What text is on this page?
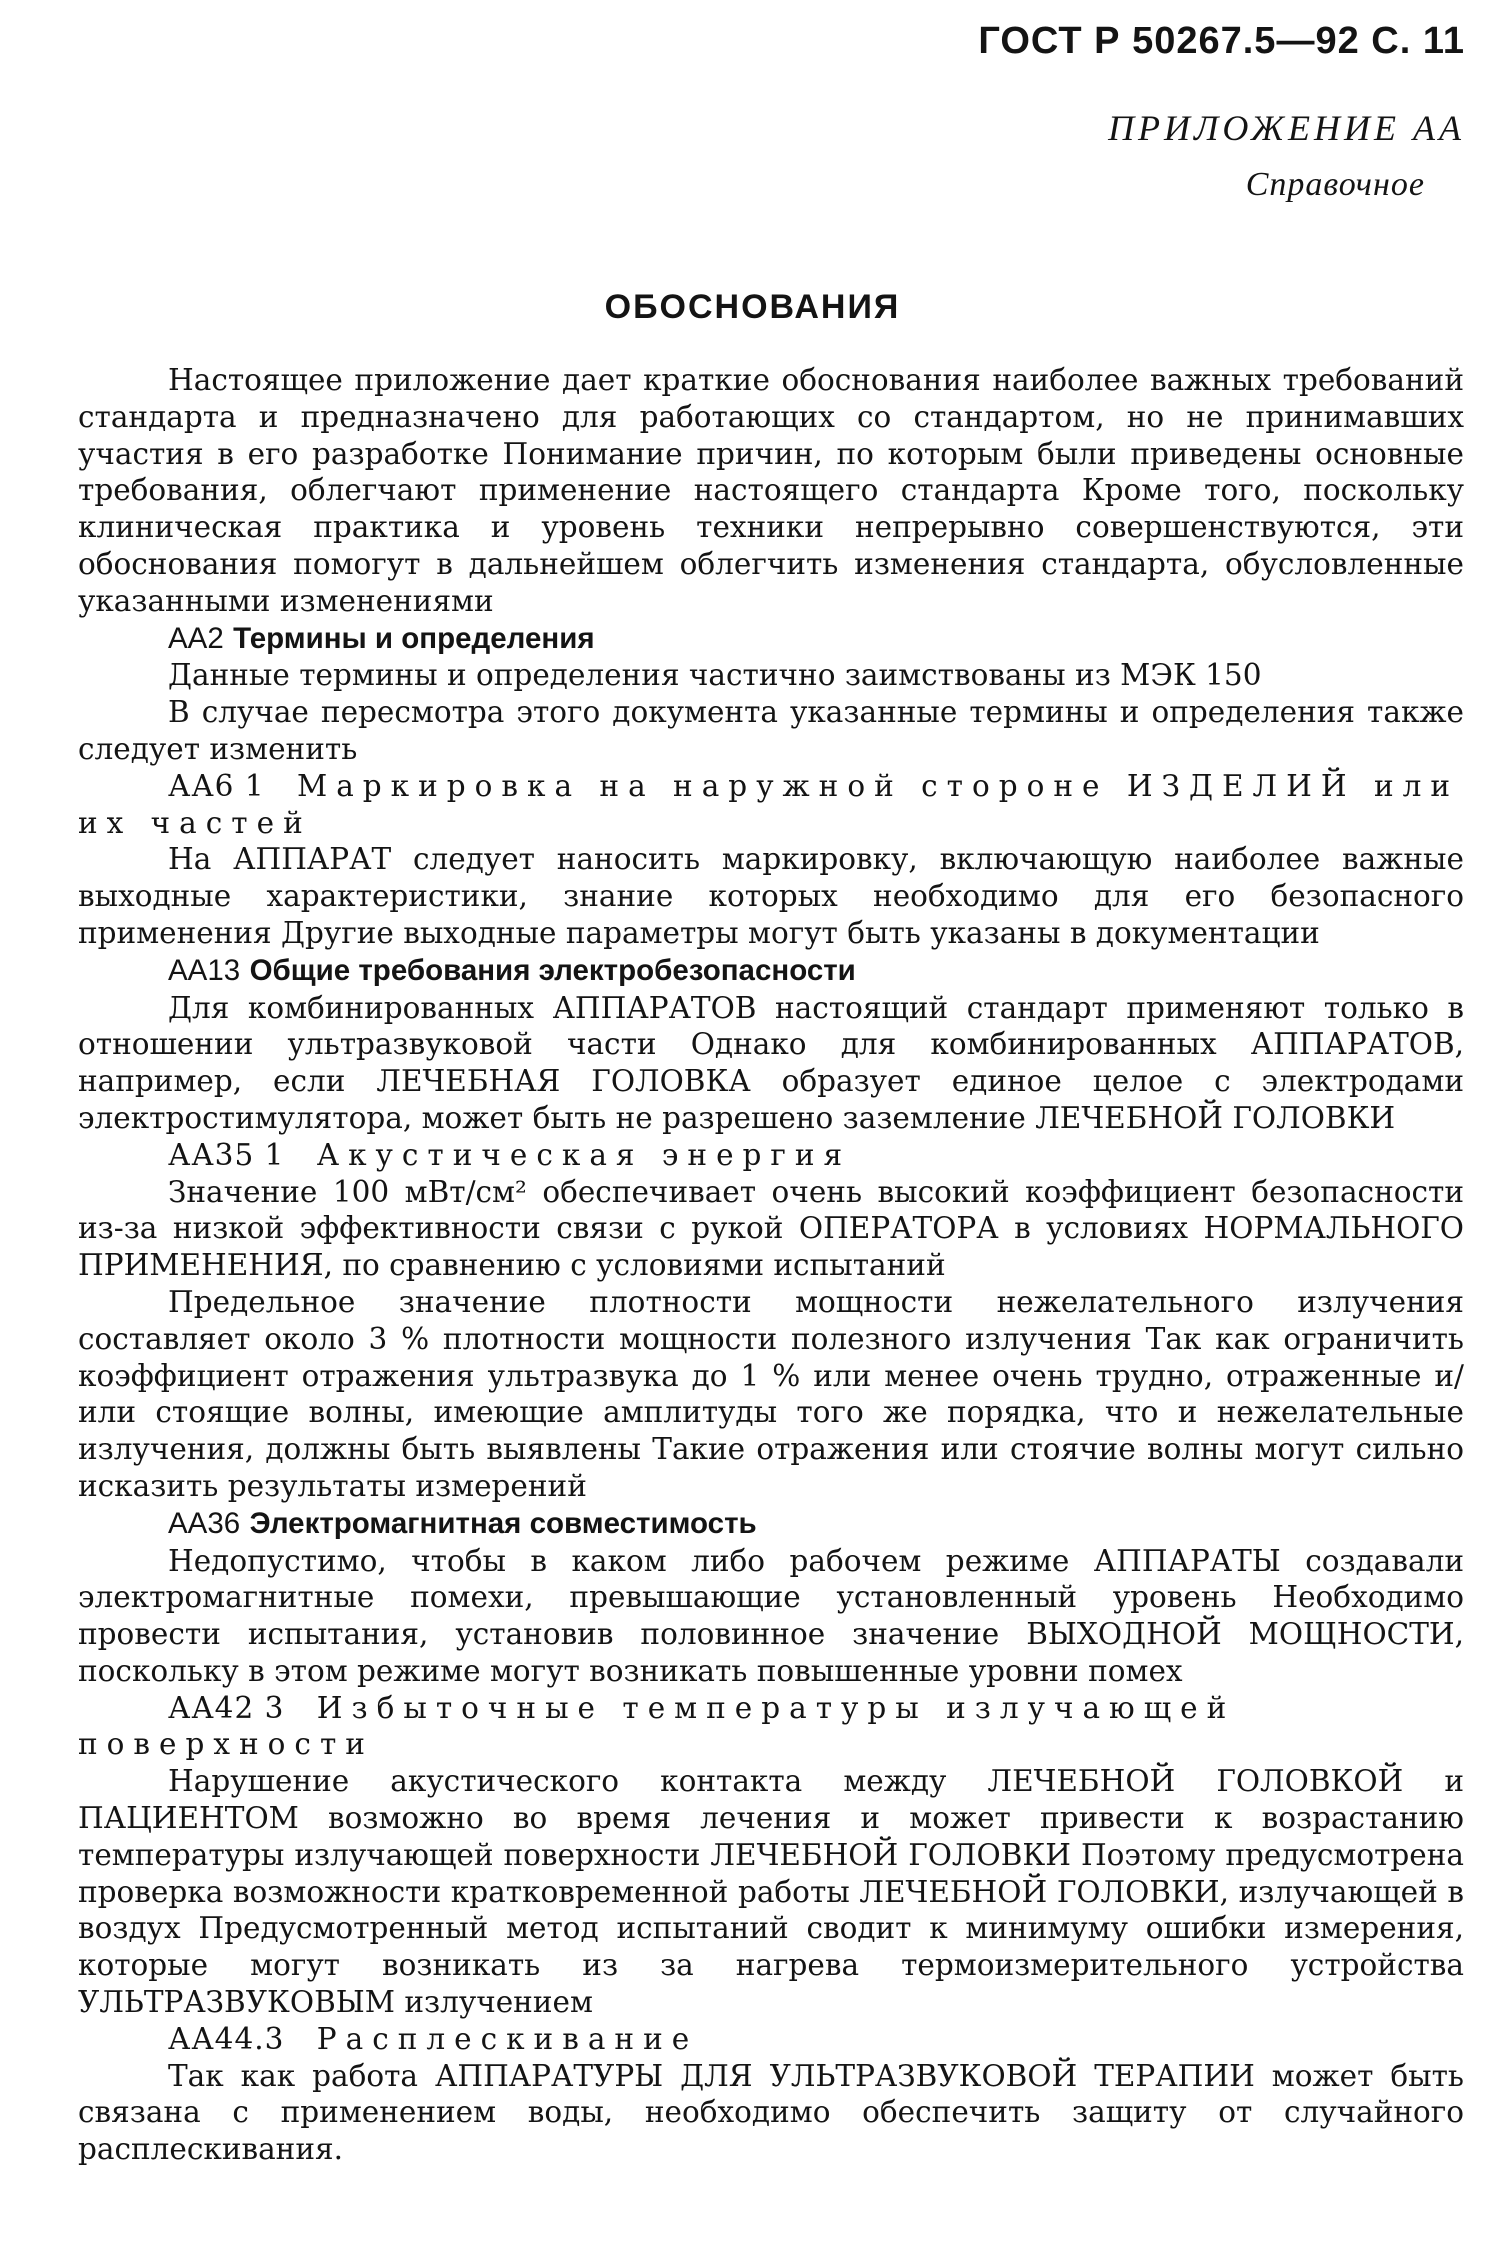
ГОСТ Р 50267.5—92 С. 11
ПРИЛОЖЕНИЕ АА
Справочное
ОБОСНОВАНИЯ

Настоящее приложение дает краткие обоснования наиболее важных требований стандарта и предназначено для работающих со стандартом, но не принимавших участия в его разработке Понимание причин, по которым были приведены основные требования, облегчают применение настоящего стандарта Кроме того, поскольку клиническая практика и уровень техники непрерывно совершенствуются, эти обоснования помогут в дальнейшем облегчить изменения стандарта, обусловленные указанными изменениями

АА2 Термины и определения

Данные термины и определения частично заимствованы из МЭК 150

В случае пересмотра этого документа указанные термины и определения также следует изменить

АА6 1 Маркировка на наружной стороне ИЗДЕЛИЙ или их частей

На АППАРАТ следует наносить маркировку, включающую наиболее важные выходные характеристики, знание которых необходимо для его безопасного применения Другие выходные параметры могут быть указаны в документации

АА13 Общие требования электробезопасности

Для комбинированных АППАРАТОВ настоящий стандарт применяют только в отношении ультразвуковой части Однако для комбинированных АППАРАТОВ, например, если ЛЕЧЕБНАЯ ГОЛОВКА образует единое целое с электродами электростимулятора, может быть не разрешено заземление ЛЕЧЕБНОЙ ГОЛОВКИ

АА35 1 Акустическая энергия

Значение 100 мВт/см² обеспечивает очень высокий коэффициент безопасности из-за низкой эффективности связи с рукой ОПЕРАТОРА в условиях НОРМАЛЬНОГО ПРИМЕНЕНИЯ, по сравнению с условиями испытаний

Предельное значение плотности мощности нежелательного излучения составляет около 3 % плотности мощности полезного излучения Так как ограничить коэффициент отражения ультразвука до 1 % или менее очень трудно, отраженные и/или стоящие волны, имеющие амплитуды того же порядка, что и нежелательные излучения, должны быть выявлены Такие отражения или стоячие волны могут сильно исказить результаты измерений

АА36 Электромагнитная совместимость

Недопустимо, чтобы в каком либо рабочем режиме АППАРАТЫ создавали электромагнитные помехи, превышающие установленный уровень Необходимо провести испытания, установив половинное значение ВЫХОДНОЙ МОЩНОСТИ, поскольку в этом режиме могут возникать повышенные уровни помех

АА42 3 Избыточные температуры излучающей поверхности

Нарушение акустического контакта между ЛЕЧЕБНОЙ ГОЛОВКОЙ и ПАЦИЕНТОМ возможно во время лечения и может привести к возрастанию температуры излучающей поверхности ЛЕЧЕБНОЙ ГОЛОВКИ Поэтому предусмотрена проверка возможности кратковременной работы ЛЕЧЕБНОЙ ГОЛОВКИ, излучающей в воздух Предусмотренный метод испытаний сводит к минимуму ошибки измерения, которые могут возникать из за нагрева термоизмерительного устройства УЛЬТРАЗВУКОВЫМ излучением

АА44.3 Расплескивание

Так как работа АППАРАТУРЫ ДЛЯ УЛЬТРАЗВУКОВОЙ ТЕРАПИИ может быть связана с применением воды, необходимо обеспечить защиту от случайного расплескивания.
